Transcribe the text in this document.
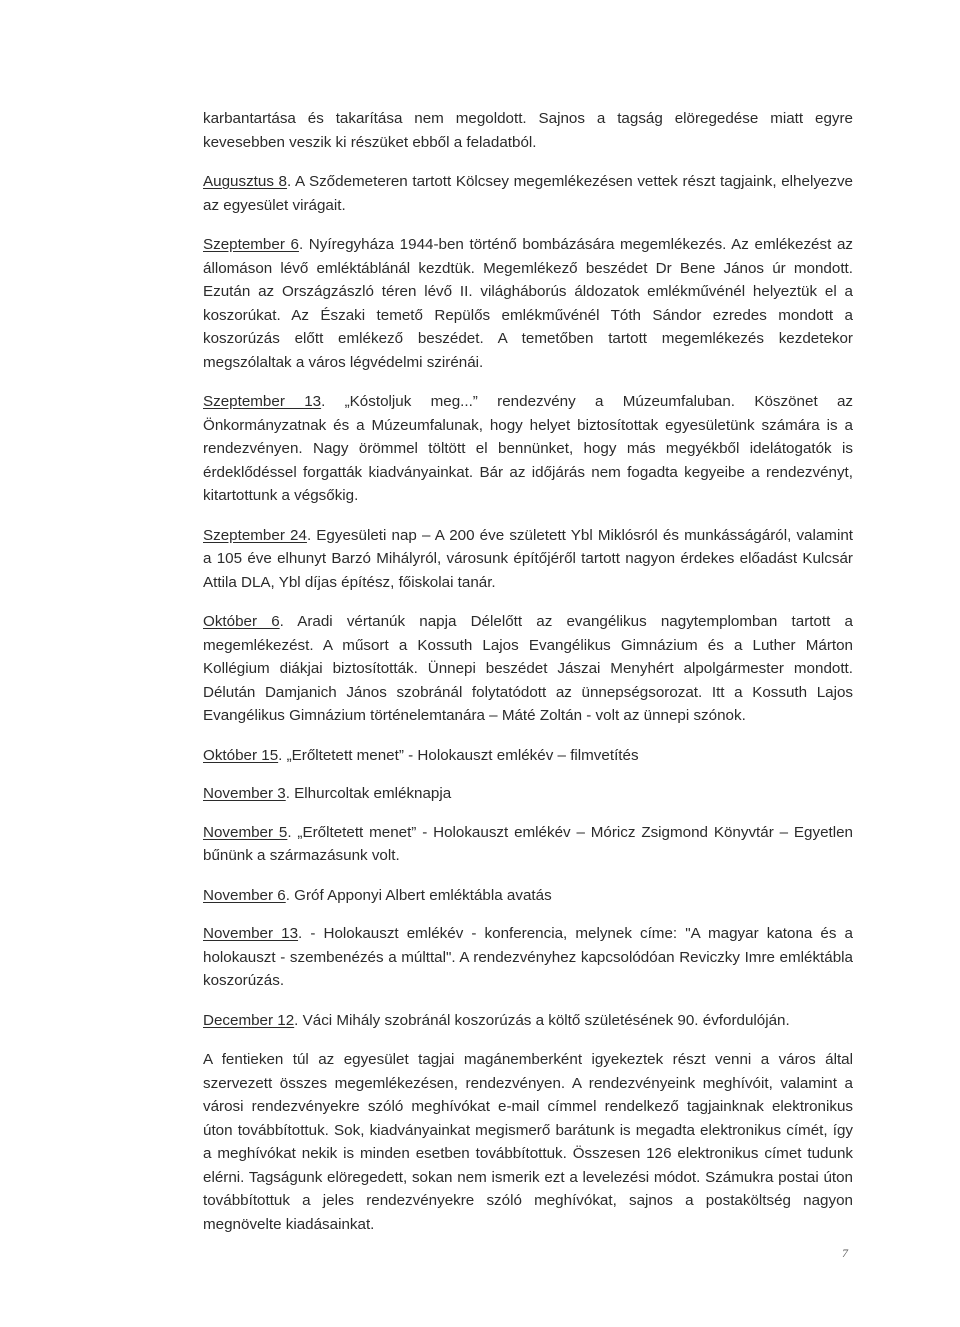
karbantartása és takarítása nem megoldott. Sajnos a tagság elöregedése miatt egyre kevesebben veszik ki részüket ebből a feladatból.

Augusztus 8. A Sződemeteren tartott Kölcsey megemlékezésen vettek részt tagjaink, elhelyezve az egyesület virágait.

Szeptember 6. Nyíregyháza 1944-ben történő bombázására megemlékezés. Az emlékezést az állomáson lévő emléktáblánál kezdtük. Megemlékező beszédet Dr Bene János úr mondott. Ezután az Országzászló téren lévő II. világháborús áldozatok emlékművénél helyeztük el a koszorúkat. Az Északi temető Repülős emlékművénél Tóth Sándor ezredes mondott a koszorúzás előtt emlékező beszédet. A temetőben tartott megemlékezés kezdetekor megszólaltak a város légvédelmi szirénái.

Szeptember 13. „Kóstoljuk meg...” rendezvény a Múzeumfaluban. Köszönet az Önkormányzatnak és a Múzeumfalunak, hogy helyet biztosítottak egyesületünk számára is a rendezvényen. Nagy örömmel töltött el bennünket, hogy más megyékből idelátogatók is érdeklődéssel forgatták kiadványainkat. Bár az időjárás nem fogadta kegyeibe a rendezvényt, kitartottunk a végsőkig.

Szeptember 24. Egyesületi nap – A 200 éve született Ybl Miklósról és munkásságáról, valamint a 105 éve elhunyt Barzó Mihályról, városunk építőjéről tartott nagyon érdekes előadást Kulcsár Attila DLA, Ybl díjas építész, főiskolai tanár.

Október 6. Aradi vértanúk napja Délelőtt az evangélikus nagytemplomban tartott a megemlékezést. A műsort a Kossuth Lajos Evangélikus Gimnázium és a Luther Márton Kollégium diákjai biztosították. Ünnepi beszédet Jászai Menyhért alpolgármester mondott. Délután Damjanich János szobránál folytatódott az ünnepségsorozat. Itt a Kossuth Lajos Evangélikus Gimnázium történelemtanára – Máté Zoltán - volt az ünnepi szónok.

Október 15. „Erőltetett menet” - Holokauszt emlékév – filmvetítés

November 3. Elhurcoltak emléknapja

November 5. „Erőltetett menet” - Holokauszt emlékév – Móricz Zsigmond Könyvtár – Egyetlen bűnünk a származásunk volt.

November 6. Gróf Apponyi Albert emléktábla avatás

November 13. - Holokauszt emlékév - konferencia, melynek címe: "A magyar katona és a holokauszt - szembenézés a múlttal". A rendezvényhez kapcsolódóan Reviczky Imre emléktábla koszorúzás.

December 12. Váci Mihály szobránál koszorúzás a költő születésének 90. évfordulóján.

A fentieken túl az egyesület tagjai magánemberként igyekeztek részt venni a város által szervezett összes megemlékezésen, rendezvényen. A rendezvényeink meghívóit, valamint a városi rendezvényekre szóló meghívókat e-mail címmel rendelkező tagjainknak elektronikus úton továbbítottuk. Sok, kiadványainkat megismerő barátunk is megadta elektronikus címét, így a meghívókat nekik is minden esetben továbbítottuk. Összesen 126 elektronikus címet tudunk elérni. Tagságunk elöregedett, sokan nem ismerik ezt a levelezési módot. Számukra postai úton továbbítottuk a jeles rendezvényekre szóló meghívókat, sajnos a postaköltség nagyon megnövelte kiadásainkat.

7
